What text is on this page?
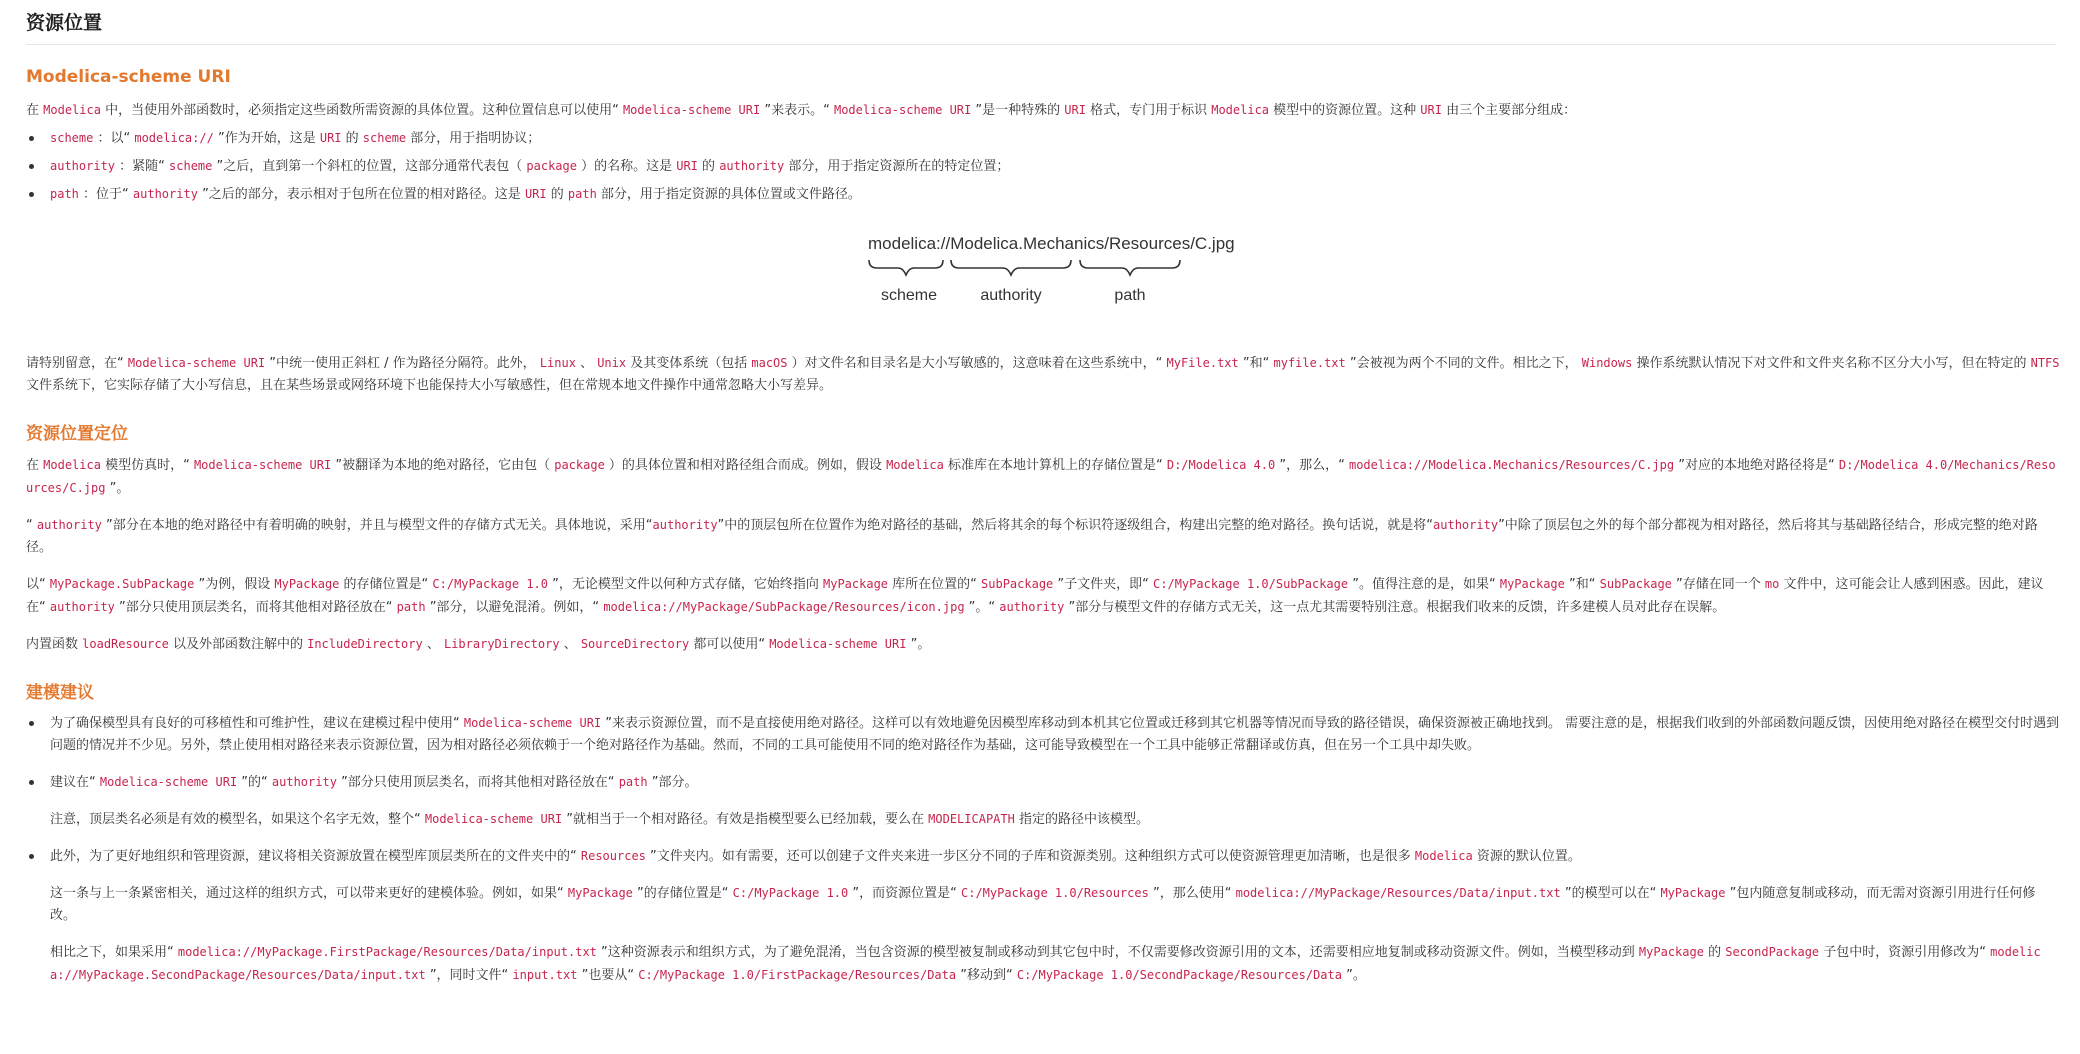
资源位置
Modelica-scheme URI
在 Modelica 中，当使用外部函数时，必须指定这些函数所需资源的具体位置。这种位置信息可以使用“ Modelica-scheme URI ”来表示。“ Modelica-scheme URI ”是一种特殊的 URI 格式，专门用于标识 Modelica 模型中的资源位置。这种 URI 由三个主要部分组成：
scheme ：以“ modelica:// ”作为开始，这是 URI 的 scheme 部分，用于指明协议；
authority ：紧随“ scheme ”之后，直到第一个斜杠的位置，这部分通常代表包（ package ）的名称。这是 URI 的 authority 部分，用于指定资源所在的特定位置；
path ：位于“ authority ”之后的部分，表示相对于包所在位置的相对路径。这是 URI 的 path 部分，用于指定资源的具体位置或文件路径。
modelica://Modelica.Mechanics/Resources/C.jpg
scheme	authority	path
请特别留意，在“ Modelica-scheme URI ”中统一使用正斜杠 / 作为路径分隔符。此外， Linux 、 Unix 及其变体系统（包括 macOS ）对文件名和目录名是大小写敏感的，这意味着在这些系统中，“ MyFile.txt ”和“ myfile.txt ”会被视为两个不同的文件。相比之下， Windows 操作系统默认情况下对文件和文件夹名称不区分大小写，但在特定的 NTFS 文件系统下，它实际存储了大小写信息，且在某些场景或网络环境下也能保持大小写敏感性，但在常规本地文件操作中通常忽略大小写差异。
资源位置定位
在 Modelica 模型仿真时，“ Modelica-scheme URI ”被翻译为本地的绝对路径，它由包（ package ）的具体位置和相对路径组合而成。例如，假设 Modelica 标准库在本地计算机上的存储位置是“ D:/Modelica 4.0 ”，那么，“ modelica://Modelica.Mechanics/Resources/C.jpg ”对应的本地绝对路径将是“ D:/Modelica 4.0/Mechanics/Resources/C.jpg ”。
“ authority ”部分在本地的绝对路径中有着明确的映射，并且与模型文件的存储方式无关。具体地说，采用“authority”中的顶层包所在位置作为绝对路径的基础，然后将其余的每个标识符逐级组合，构建出完整的绝对路径。换句话说，就是将“authority”中除了顶层包之外的每个部分都视为相对路径，然后将其与基础路径结合，形成完整的绝对路径。
以“ MyPackage.SubPackage ”为例，假设 MyPackage 的存储位置是“ C:/MyPackage 1.0 ”，无论模型文件以何种方式存储，它始终指向 MyPackage 库所在位置的“ SubPackage ”子文件夹，即“ C:/MyPackage 1.0/SubPackage ”。值得注意的是，如果“ MyPackage ”和“ SubPackage ”存储在同一个 mo 文件中，这可能会让人感到困惑。因此，建议在“ authority ”部分只使用顶层类名，而将其他相对路径放在“ path ”部分，以避免混淆。例如，“ modelica://MyPackage/SubPackage/Resources/icon.jpg ”。“ authority ”部分与模型文件的存储方式无关，这一点尤其需要特别注意。根据我们收来的反馈，许多建模人员对此存在误解。
内置函数 loadResource 以及外部函数注解中的 IncludeDirectory 、 LibraryDirectory 、 SourceDirectory 都可以使用“ Modelica-scheme URI ”。
建模建议
为了确保模型具有良好的可移植性和可维护性，建议在建模过程中使用“ Modelica-scheme URI ”来表示资源位置，而不是直接使用绝对路径。这样可以有效地避免因模型库移动到本机其它位置或迁移到其它机器等情况而导致的路径错误，确保资源被正确地找到。 需要注意的是，根据我们收到的外部函数问题反馈，因使用绝对路径在模型交付时遇到问题的情况并不少见。另外，禁止使用相对路径来表示资源位置，因为相对路径必须依赖于一个绝对路径作为基础。然而，不同的工具可能使用不同的绝对路径作为基础，这可能导致模型在一个工具中能够正常翻译或仿真，但在另一个工具中却失败。
建议在“ Modelica-scheme URI ”的“ authority ”部分只使用顶层类名，而将其他相对路径放在“ path ”部分。
注意，顶层类名必须是有效的模型名，如果这个名字无效，整个“ Modelica-scheme URI ”就相当于一个相对路径。有效是指模型要么已经加载，要么在 MODELICAPATH 指定的路径中该模型。
此外，为了更好地组织和管理资源，建议将相关资源放置在模型库顶层类所在的文件夹中的“ Resources ”文件夹内。如有需要，还可以创建子文件夹来进一步区分不同的子库和资源类别。这种组织方式可以使资源管理更加清晰，也是很多 Modelica 资源的默认位置。
这一条与上一条紧密相关，通过这样的组织方式，可以带来更好的建模体验。例如，如果“ MyPackage ”的存储位置是“ C:/MyPackage 1.0 ”，而资源位置是“ C:/MyPackage 1.0/Resources ”，那么使用“ modelica://MyPackage/Resources/Data/input.txt ”的模型可以在“ MyPackage ”包内随意复制或移动，而无需对资源引用进行任何修改。
相比之下，如果采用“ modelica://MyPackage.FirstPackage/Resources/Data/input.txt ”这种资源表示和组织方式，为了避免混淆，当包含资源的模型被复制或移动到其它包中时，不仅需要修改资源引用的文本，还需要相应地复制或移动资源文件。例如，当模型移动到 MyPackage 的 SecondPackage 子包中时，资源引用修改为“ modelica://MyPackage.SecondPackage/Resources/Data/input.txt ”，同时文件“ input.txt ”也要从“ C:/MyPackage 1.0/FirstPackage/Resources/Data ”移动到“ C:/MyPackage 1.0/SecondPackage/Resources/Data ”。
